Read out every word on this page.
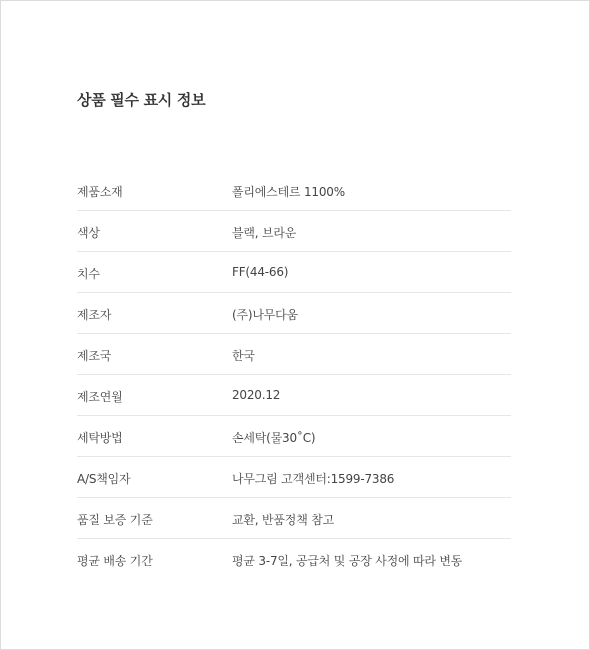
상품 필수 표시 정보
제품소재	폴리에스테르 1100%
색상	블랙, 브라운
치수	FF(44-66)
제조자	(주)나무다움
제조국	한국
제조연월	2020.12
세탁방법	손세탁(물30˚C)
A/S책임자	나무그림 고객센터:1599-7386
품질 보증 기준	교환, 반품정책 참고
평균 배송 기간	평균 3-7일, 공급처 및 공장 사정에 따라 변동
